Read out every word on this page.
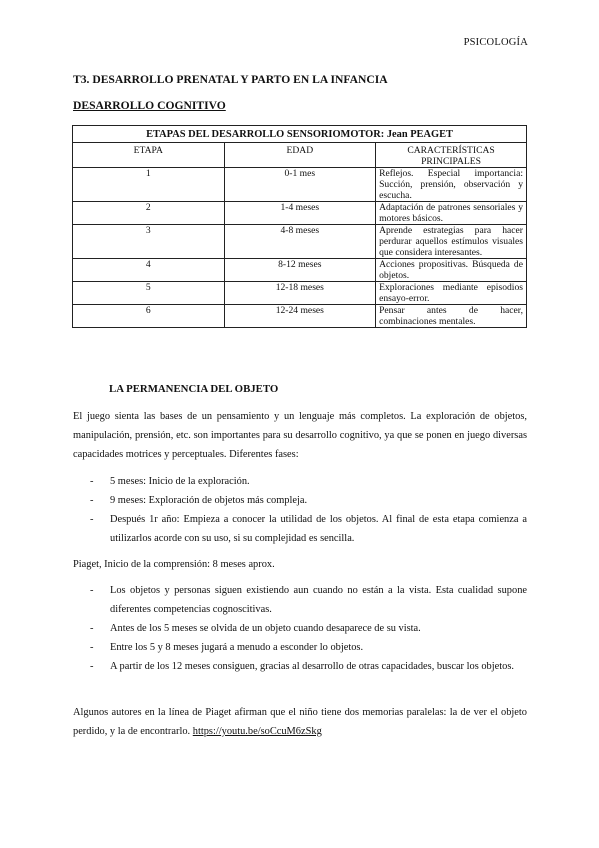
PSICOLOGÍA
T3. DESARROLLO PRENATAL Y PARTO EN LA INFANCIA
DESARROLLO COGNITIVO
ETAPAS DEL DESARROLLO SENSORIOMOTOR: Jean PEAGET		
ETAPA	EDAD	CARACTERÍSTICAS PRINCIPALES
1	0-1 mes	Reflejos. Especial importancia: Succión, prensión, observación y escucha.
2	1-4 meses	Adaptación de patrones sensoriales y motores básicos.
3	4-8 meses	Aprende estrategias para hacer perdurar aquellos estímulos visuales que considera interesantes.
4	8-12 meses	Acciones propositivas. Búsqueda de objetos.
5	12-18 meses	Exploraciones mediante episodios ensayo-error.
6	12-24 meses	Pensar antes de hacer, combinaciones mentales.
LA PERMANENCIA DEL OBJETO
El juego sienta las bases de un pensamiento y un lenguaje más completos. La exploración de objetos, manipulación, prensión, etc. son importantes para su desarrollo cognitivo, ya que se ponen en juego diversas capacidades motrices y perceptuales. Diferentes fases:
- 5 meses: Inicio de la exploración.
- 9 meses: Exploración de objetos más compleja.
- Después 1r año: Empieza a conocer la utilidad de los objetos. Al final de esta etapa comienza a utilizarlos acorde con su uso, si su complejidad es sencilla.
Piaget, Inicio de la comprensión: 8 meses aprox.
- Los objetos y personas siguen existiendo aun cuando no están a la vista. Esta cualidad supone diferentes competencias cognoscitivas.
- Antes de los 5 meses se olvida de un objeto cuando desaparece de su vista.
- Entre los 5 y 8 meses jugará a menudo a esconder lo objetos.
- A partir de los 12 meses consiguen, gracias al desarrollo de otras capacidades, buscar los objetos.
Algunos autores en la línea de Piaget afirman que el niño tiene dos memorias paralelas: la de ver el objeto perdido, y la de encontrarlo. https://youtu.be/soCcuM6zSkg
